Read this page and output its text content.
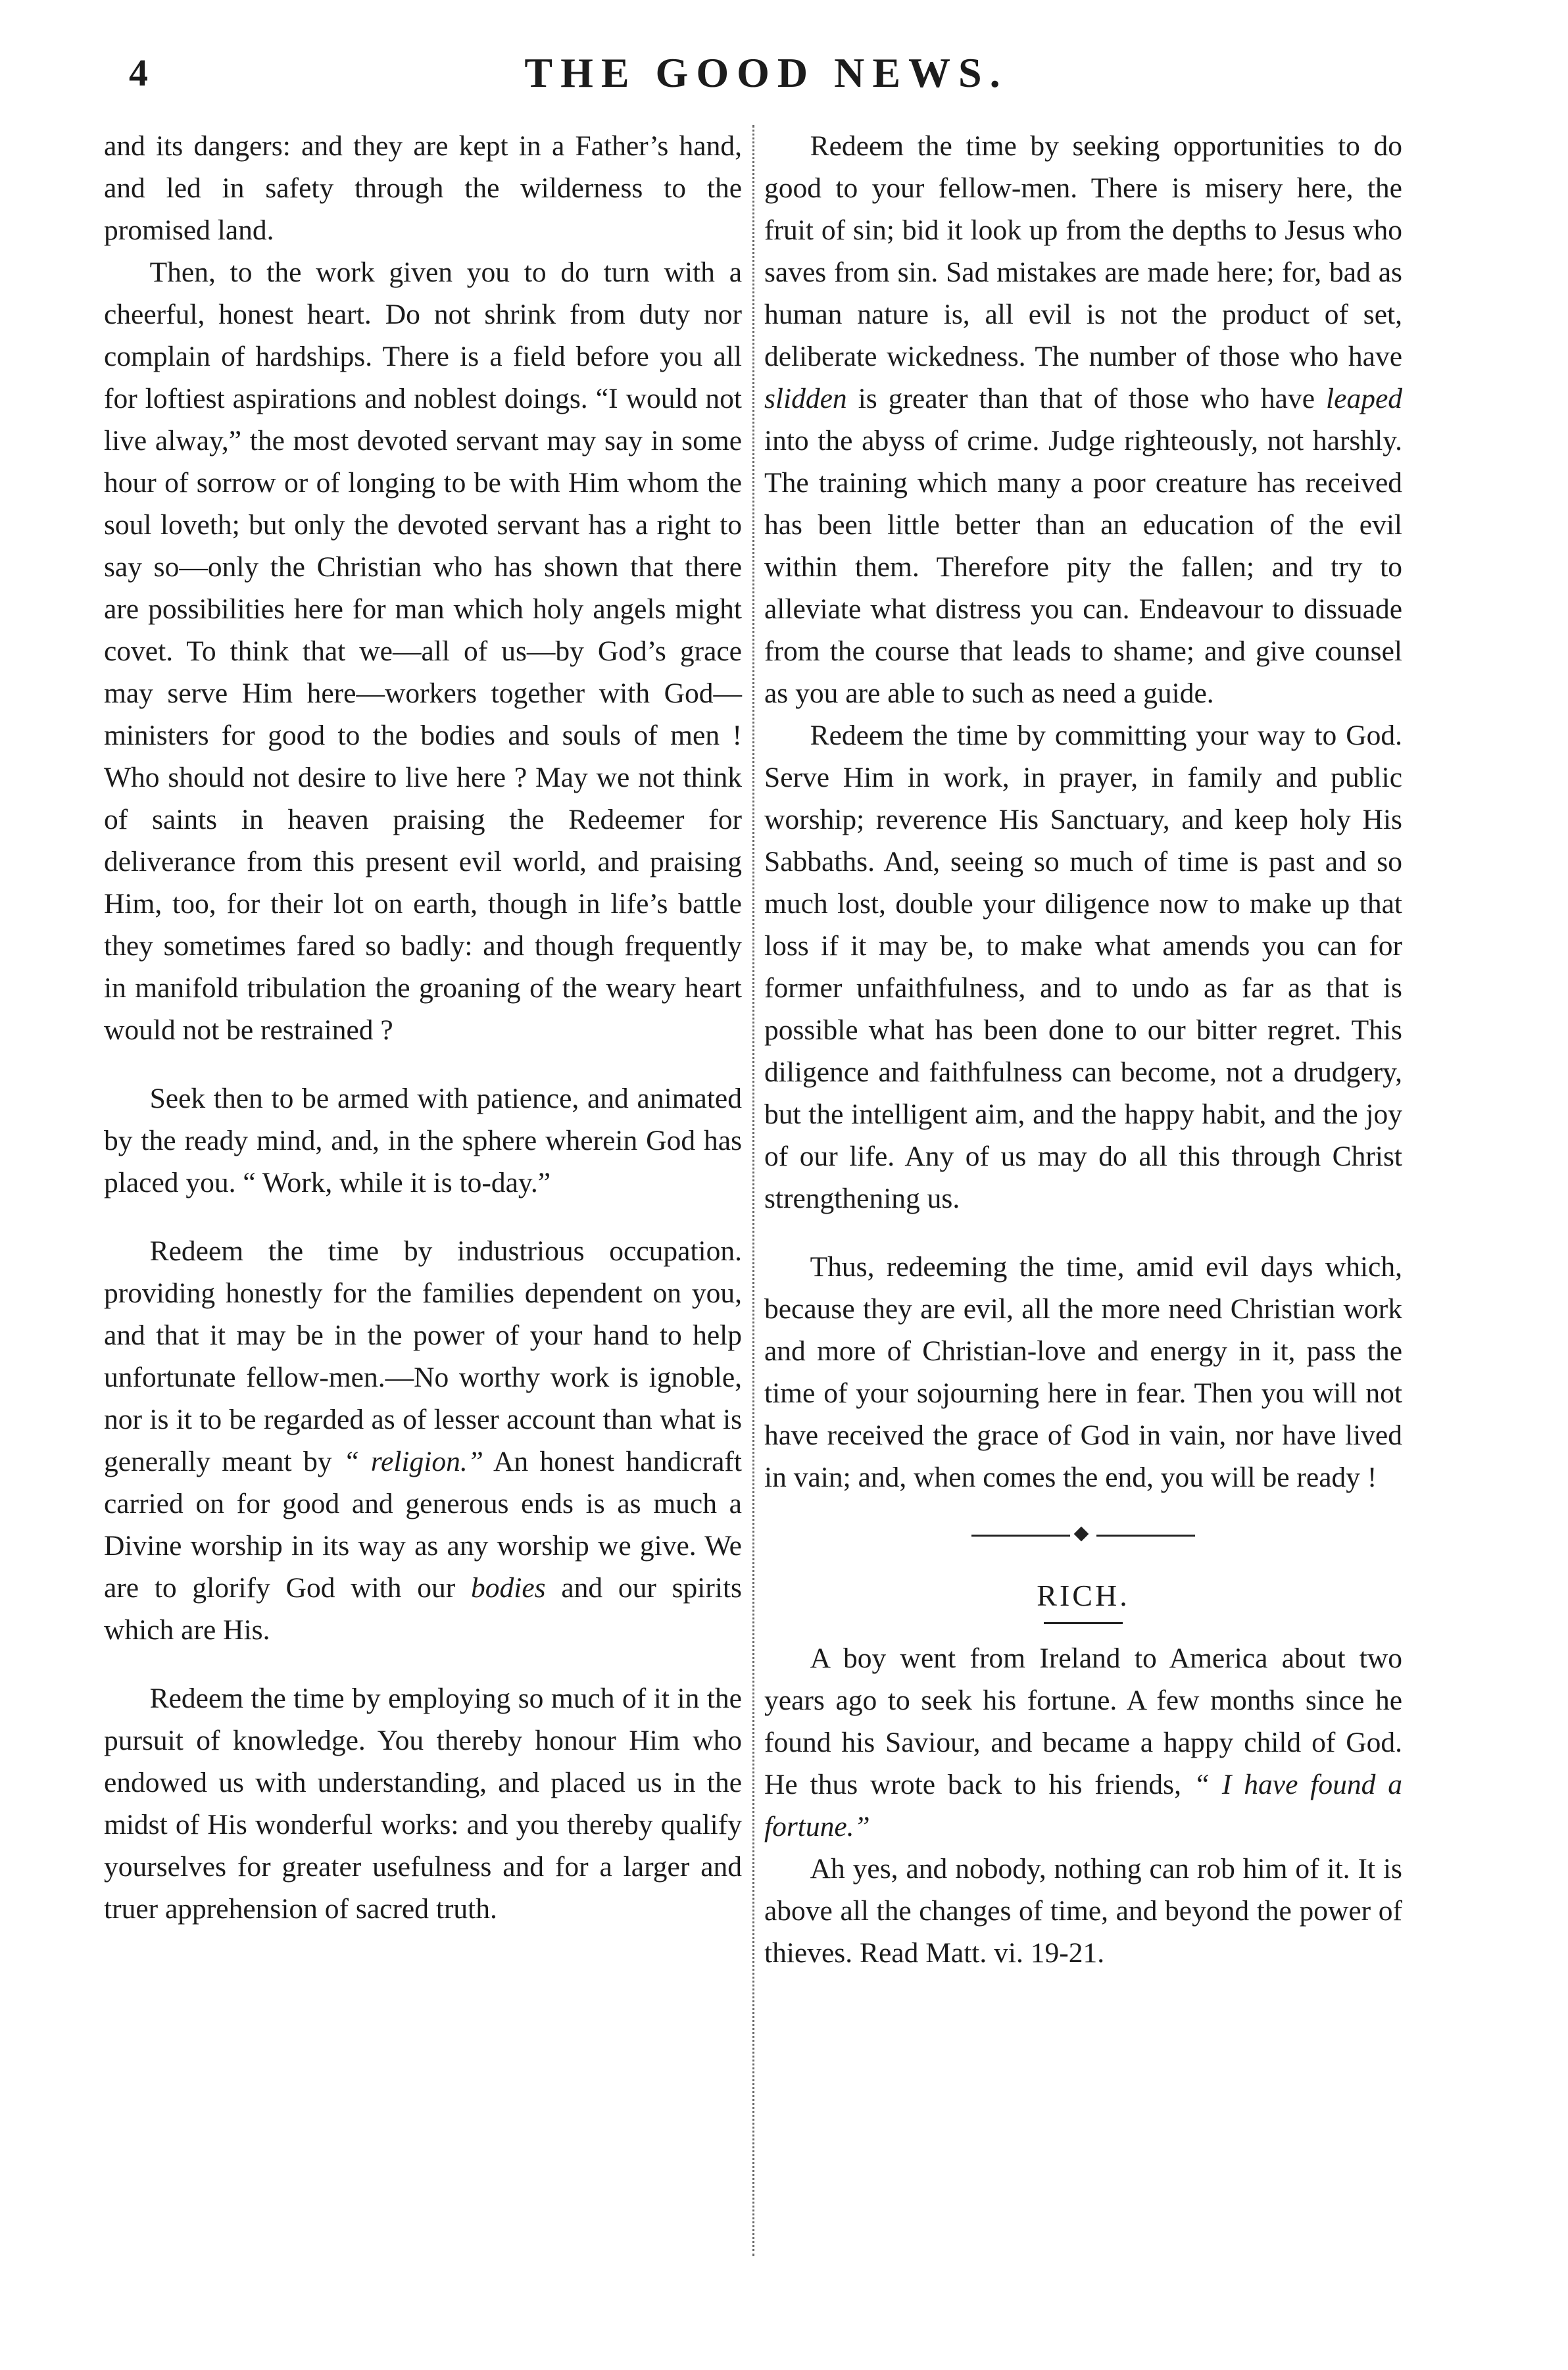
4	THE GOOD NEWS.

and its dangers: and they are kept in a Father’s hand, and led in safety through the wilderness to the promised land.

Then, to the work given you to do turn with a cheerful, honest heart. Do not shrink from duty nor complain of hardships. There is a field before you all for loftiest aspirations and noblest doings. “I would not live alway,” the most devoted servant may say in some hour of sorrow or of longing to be with Him whom the soul loveth; but only the devoted servant has a right to say so—only the Christian who has shown that there are possibilities here for man which holy angels might covet. To think that we—all of us—by God’s grace may serve Him here—workers together with God—ministers for good to the bodies and souls of men ! Who should not desire to live here ? May we not think of saints in heaven praising the Redeemer for deliverance from this present evil world, and praising Him, too, for their lot on earth, though in life’s battle they sometimes fared so badly: and though frequently in manifold tribulation the groaning of the weary heart would not be restrained ?

Seek then to be armed with patience, and animated by the ready mind, and, in the sphere wherein God has placed you. “ Work, while it is to-day.”

Redeem the time by industrious occupation. providing honestly for the families dependent on you, and that it may be in the power of your hand to help unfortunate fellow-men.—No worthy work is ignoble, nor is it to be regarded as of lesser account than what is generally meant by “ religion.” An honest handicraft carried on for good and generous ends is as much a Divine worship in its way as any worship we give. We are to glorify God with our bodies and our spirits which are His.

Redeem the time by employing so much of it in the pursuit of knowledge. You thereby honour Him who endowed us with understanding, and placed us in the midst of His wonderful works: and you thereby qualify yourselves for greater usefulness and for a larger and truer apprehension of sacred truth.

Redeem the time by seeking opportunities to do good to your fellow-men. There is misery here, the fruit of sin; bid it look up from the depths to Jesus who saves from sin. Sad mistakes are made here; for, bad as human nature is, all evil is not the product of set, deliberate wickedness. The number of those who have slidden is greater than that of those who have leaped into the abyss of crime. Judge righteously, not harshly. The training which many a poor creature has received has been little better than an education of the evil within them. Therefore pity the fallen; and try to alleviate what distress you can. Endeavour to dissuade from the course that leads to shame; and give counsel as you are able to such as need a guide.

Redeem the time by committing your way to God. Serve Him in work, in prayer, in family and public worship; reverence His Sanctuary, and keep holy His Sabbaths. And, seeing so much of time is past and so much lost, double your diligence now to make up that loss if it may be, to make what amends you can for former unfaithfulness, and to undo as far as that is possible what has been done to our bitter regret. This diligence and faithfulness can become, not a drudgery, but the intelligent aim, and the happy habit, and the joy of our life. Any of us may do all this through Christ strengthening us.

Thus, redeeming the time, amid evil days which, because they are evil, all the more need Christian work and more of Christian-love and energy in it, pass the time of your sojourning here in fear. Then you will not have received the grace of God in vain, nor have lived in vain; and, when comes the end, you will be ready !

RICH.

A boy went from Ireland to America about two years ago to seek his fortune. A few months since he found his Saviour, and became a happy child of God. He thus wrote back to his friends, “ I have found a fortune.”

Ah yes, and nobody, nothing can rob him of it. It is above all the changes of time, and beyond the power of thieves. Read Matt. vi. 19-21.
